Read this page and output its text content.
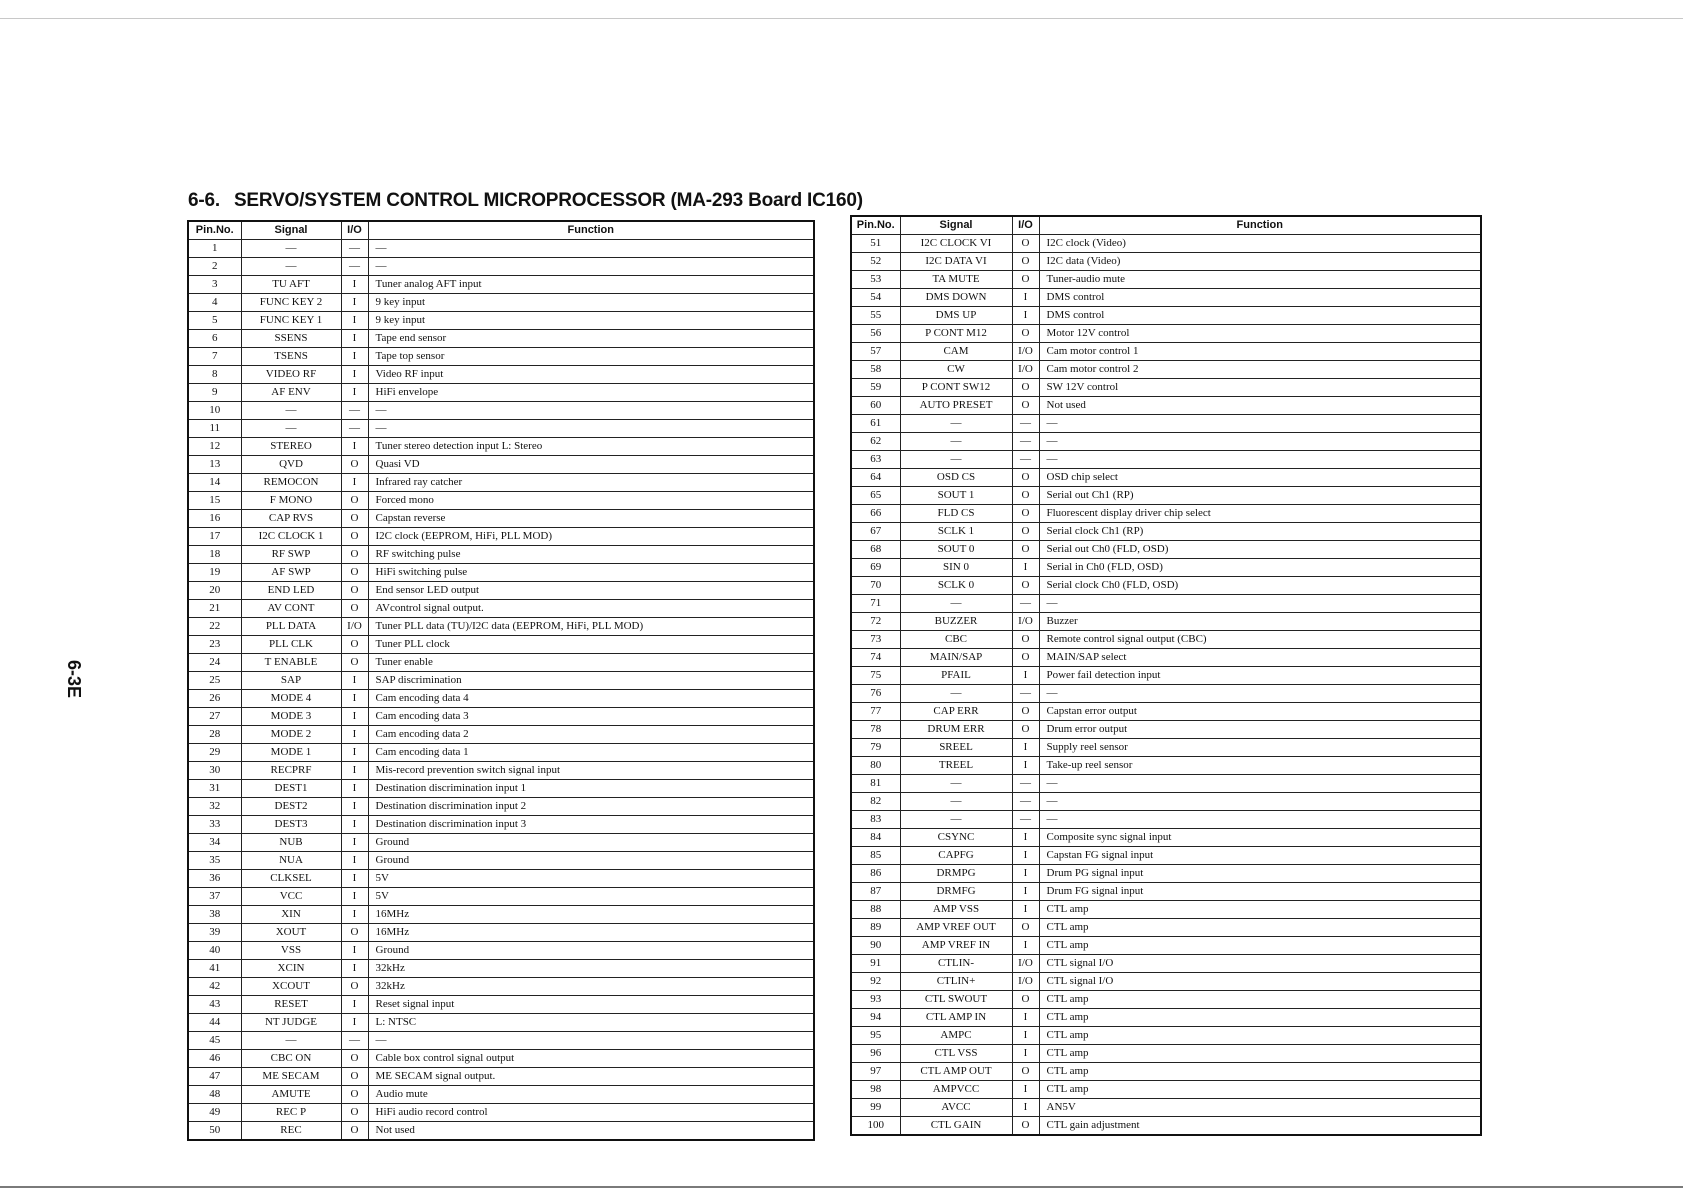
6-6. SERVO/SYSTEM CONTROL MICROPROCESSOR (MA-293 Board IC160)
6-3E
Pin.No.	Signal	I/O	Function
1	—	—	—
2	—	—	—
3	TU AFT	I	Tuner analog AFT input
4	FUNC KEY 2	I	9 key input
5	FUNC KEY 1	I	9 key input
6	SSENS	I	Tape end sensor
7	TSENS	I	Tape top sensor
8	VIDEO RF	I	Video RF input
9	AF ENV	I	HiFi envelope
10	—	—	—
11	—	—	—
12	STEREO	I	Tuner stereo detection input L: Stereo
13	QVD	O	Quasi VD
14	REMOCON	I	Infrared ray catcher
15	F MONO	O	Forced mono
16	CAP RVS	O	Capstan reverse
17	I2C CLOCK 1	O	I2C clock (EEPROM, HiFi, PLL MOD)
18	RF SWP	O	RF switching pulse
19	AF SWP	O	HiFi switching pulse
20	END LED	O	End sensor LED output
21	AV CONT	O	AVcontrol signal output.
22	PLL DATA	I/O	Tuner PLL data (TU)/I2C data (EEPROM, HiFi, PLL MOD)
23	PLL CLK	O	Tuner PLL clock
24	T ENABLE	O	Tuner enable
25	SAP	I	SAP discrimination
26	MODE 4	I	Cam encoding data 4
27	MODE 3	I	Cam encoding data 3
28	MODE 2	I	Cam encoding data 2
29	MODE 1	I	Cam encoding data 1
30	RECPRF	I	Mis-record prevention switch signal input
31	DEST1	I	Destination discrimination input 1
32	DEST2	I	Destination discrimination input 2
33	DEST3	I	Destination discrimination input 3
34	NUB	I	Ground
35	NUA	I	Ground
36	CLKSEL	I	5V
37	VCC	I	5V
38	XIN	I	16MHz
39	XOUT	O	16MHz
40	VSS	I	Ground
41	XCIN	I	32kHz
42	XCOUT	O	32kHz
43	RESET	I	Reset signal input
44	NT JUDGE	I	L: NTSC
45	—	—	—
46	CBC ON	O	Cable box control signal output
47	ME SECAM	O	ME SECAM signal output.
48	AMUTE	O	Audio mute
49	REC P	O	HiFi audio record control
50	REC	O	Not used
Pin.No.	Signal	I/O	Function
51	I2C CLOCK VI	O	I2C clock (Video)
52	I2C DATA VI	O	I2C data (Video)
53	TA MUTE	O	Tuner-audio mute
54	DMS DOWN	I	DMS control
55	DMS UP	I	DMS control
56	P CONT M12	O	Motor 12V control
57	CAM	I/O	Cam motor control 1
58	CW	I/O	Cam motor control 2
59	P CONT SW12	O	SW 12V control
60	AUTO PRESET	O	Not used
61	—	—	—
62	—	—	—
63	—	—	—
64	OSD CS	O	OSD chip select
65	SOUT 1	O	Serial out Ch1 (RP)
66	FLD CS	O	Fluorescent display driver chip select
67	SCLK 1	O	Serial clock Ch1 (RP)
68	SOUT 0	O	Serial out Ch0 (FLD, OSD)
69	SIN 0	I	Serial in Ch0 (FLD, OSD)
70	SCLK 0	O	Serial clock Ch0 (FLD, OSD)
71	—	—	—
72	BUZZER	I/O	Buzzer
73	CBC	O	Remote control signal output (CBC)
74	MAIN/SAP	O	MAIN/SAP select
75	PFAIL	I	Power fail detection input
76	—	—	—
77	CAP ERR	O	Capstan error output
78	DRUM ERR	O	Drum error output
79	SREEL	I	Supply reel sensor
80	TREEL	I	Take-up reel sensor
81	—	—	—
82	—	—	—
83	—	—	—
84	CSYNC	I	Composite sync signal input
85	CAPFG	I	Capstan FG signal input
86	DRMPG	I	Drum PG signal input
87	DRMFG	I	Drum FG signal input
88	AMP VSS	I	CTL amp
89	AMP VREF OUT	O	CTL amp
90	AMP VREF IN	I	CTL amp
91	CTLIN-	I/O	CTL signal I/O
92	CTLIN+	I/O	CTL signal I/O
93	CTL SWOUT	O	CTL amp
94	CTL AMP IN	I	CTL amp
95	AMPC	I	CTL amp
96	CTL VSS	I	CTL amp
97	CTL AMP OUT	O	CTL amp
98	AMPVCC	I	CTL amp
99	AVCC	I	AN5V
100	CTL GAIN	O	CTL gain adjustment
